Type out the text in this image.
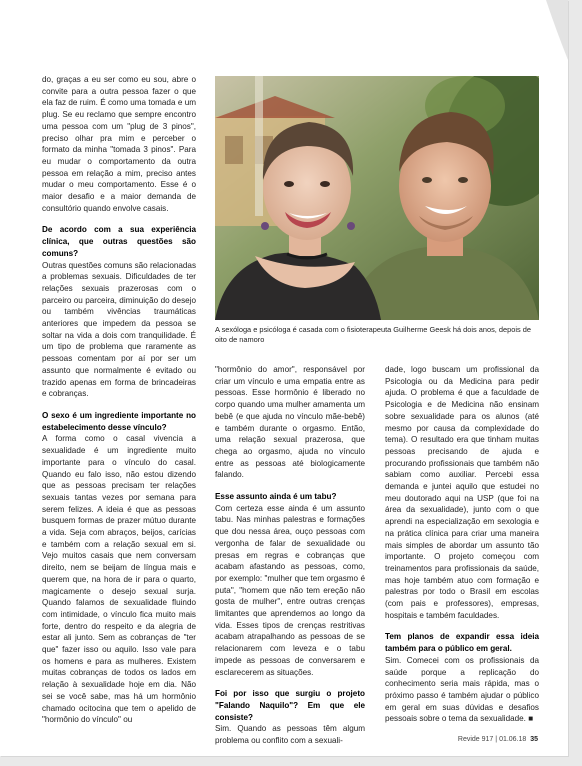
do, graças a eu ser como eu sou, abre o convite para a outra pessoa fazer o que ela faz de ruim. É como uma tomada e um plug. Se eu reclamo que sempre encontro uma pessoa com um "plug de 3 pinos", preciso olhar pra mim e perceber o formato da minha "tomada 3 pinos". Para eu mudar o comportamento da outra pessoa em relação a mim, preciso antes mudar o meu comportamento. Esse é o maior desafio e a maior demanda de consultório quando envolve casais.

De acordo com a sua experiência clínica, que outras questões são comuns?

Outras questões comuns são relacionadas a problemas sexuais. Dificuldades de ter relações sexuais prazerosas com o parceiro ou parceira, diminuição do desejo ou também vivências traumáticas anteriores que impedem da pessoa se soltar na vida a dois com tranquilidade. É um tipo de problema que raramente as pessoas comentam por aí por ser um assunto que normalmente é evitado ou trazido apenas em forma de brincadeiras e cobranças.

O sexo é um ingrediente importante no estabelecimento desse vínculo?

A forma como o casal vivencia a sexualidade é um ingrediente muito importante para o vínculo do casal. Quando eu falo isso, não estou dizendo que as pessoas precisam ter relações sexuais tantas vezes por semana para serem felizes. A ideia é que as pessoas busquem formas de prazer mútuo durante a vida. Seja com abraços, beijos, carícias e também com a relação sexual em si. Vejo muitos casais que nem conversam direito, nem se beijam de língua mais e querem que, na hora de ir para o quarto, magicamente o desejo sexual surja. Quando falamos de sexualidade fluindo com intimidade, o vínculo fica muito mais forte, dentro do respeito e da alegria de estar ali junto. Sem as cobranças de "ter que" fazer isso ou aquilo. Isso vale para os homens e para as mulheres. Existem muitas cobranças de todos os lados em relação à sexualidade hoje em dia. Não sei se você sabe, mas há um hormônio chamado ocitocina que tem o apelido de "hormônio do vínculo" ou

A sexóloga e psicóloga é casada com o fisioterapeuta Guilherme Geesk há dois anos, depois de oito de namoro

"hormônio do amor", responsável por criar um vínculo e uma empatia entre as pessoas. Esse hormônio é liberado no corpo quando uma mulher amamenta um bebê (e que ajuda no vínculo mãe-bebê) e também durante o orgasmo. Então, uma relação sexual prazerosa, que chega ao orgasmo, ajuda no vínculo entre as pessoas até biologicamente falando.

Esse assunto ainda é um tabu?

Com certeza esse ainda é um assunto tabu. Nas minhas palestras e formações que dou nessa área, ouço pessoas com vergonha de falar de sexualidade ou presas em regras e cobranças que acabam afastando as pessoas, como, por exemplo: "mulher que tem orgasmo é puta", "homem que não tem ereção não gosta de mulher", entre outras crenças limitantes que aprendemos ao longo da vida. Esses tipos de crenças restritivas acabam atrapalhando as pessoas de se relacionarem com leveza e o tabu impede as pessoas de conversarem e esclarecerem as situações.

Foi por isso que surgiu o projeto "Falando Naquilo"? Em que ele consiste?

Sim. Quando as pessoas têm algum problema ou conflito com a sexuali-

dade, logo buscam um profissional da Psicologia ou da Medicina para pedir ajuda. O problema é que a faculdade de Psicologia e de Medicina não ensinam sobre sexualidade para os alunos (até mesmo por causa da complexidade do tema). O resultado era que tinham muitas pessoas precisando de ajuda e procurando profissionais que também não sabiam como auxiliar. Percebi essa demanda e juntei aquilo que estudei no meu doutorado aqui na USP (que foi na área da sexualidade), junto com o que aprendi na especialização em sexologia e na prática clínica para criar uma maneira mais simples de abordar um assunto tão importante. O projeto começou com treinamentos para profissionais da saúde, mas hoje também atuo com formação e palestras por todo o Brasil em escolas (com pais e professores), empresas, hospitais e também faculdades.

Tem planos de expandir essa ideia também para o público em geral.

Sim. Comecei com os profissionais da saúde porque a replicação do conhecimento seria mais rápida, mas o próximo passo é também ajudar o público em geral em suas dúvidas e desafios pessoais sobre o tema da sexualidade. ■

Revide 917 | 01.06.18 35
